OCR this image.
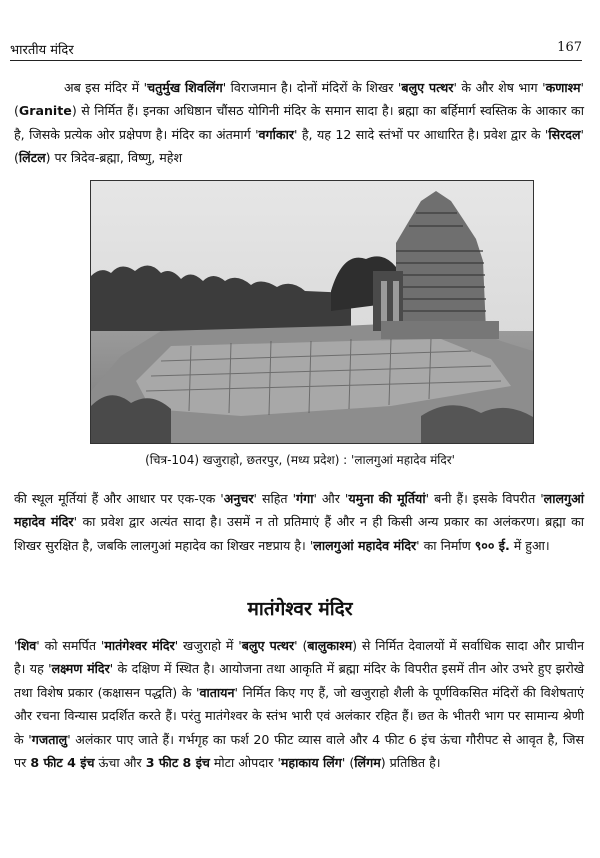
भारतीय मंदिर	167
अब इस मंदिर में 'चतुर्मुख शिवलिंग' विराजमान है। दोनों मंदिरों के शिखर 'बलुए पत्थर' के और शेष भाग 'कणाश्म' (Granite) से निर्मित हैं। इनका अधिष्ठान चौंसठ योगिनी मंदिर के समान सादा है। ब्रह्मा का बर्हिमार्ग स्वस्तिक के आकार का है, जिसके प्रत्येक ओर प्रक्षेपण है। मंदिर का अंतमार्ग 'वर्गाकार' है, यह 12 सादे स्तंभों पर आधारित है। प्रवेश द्वार के 'सिरदल' (लिंटल) पर त्रिदेव-ब्रह्मा, विष्णु, महेश
(चित्र-104) खजुराहो, छतरपुर, (मध्य प्रदेश) : 'लालगुआं महादेव मंदिर'
की स्थूल मूर्तियां हैं और आधार पर एक-एक 'अनुचर' सहित 'गंगा' और 'यमुना की मूर्तियां' बनी हैं। इसके विपरीत 'लालगुआं महादेव मंदिर' का प्रवेश द्वार अत्यंत सादा है। उसमें न तो प्रतिमाएं हैं और न ही किसी अन्य प्रकार का अलंकरण। ब्रह्मा का शिखर सुरक्षित है, जबकि लालगुआं महादेव का शिखर नष्टप्राय है। 'लालगुआं महादेव मंदिर' का निर्माण ९०० ई. में हुआ।
मातंगेश्वर मंदिर
'शिव' को समर्पित 'मातंगेश्वर मंदिर' खजुराहो में 'बलुए पत्थर' (बालुकाश्म) से निर्मित देवालयों में सर्वाधिक सादा और प्राचीन है। यह 'लक्ष्मण मंदिर' के दक्षिण में स्थित है। आयोजना तथा आकृति में ब्रह्मा मंदिर के विपरीत इसमें तीन ओर उभरे हुए झरोखे तथा विशेष प्रकार (कक्षासन पद्धति) के 'वातायन' निर्मित किए गए हैं, जो खजुराहो शैली के पूर्णविकसित मंदिरों की विशेषताएं और रचना विन्यास प्रदर्शित करते हैं। परंतु मातंगेश्वर के स्तंभ भारी एवं अलंकार रहित हैं। छत के भीतरी भाग पर सामान्य श्रेणी के 'गजतालु' अलंकार पाए जाते हैं। गर्भगृह का फर्श 20 फीट व्यास वाले और 4 फीट 6 इंच ऊंचा गौरीपट से आवृत है, जिस पर 8 फीट 4 इंच ऊंचा और 3 फीट 8 इंच मोटा ओपदार 'महाकाय लिंग' (लिंगम) प्रतिष्ठित है।
